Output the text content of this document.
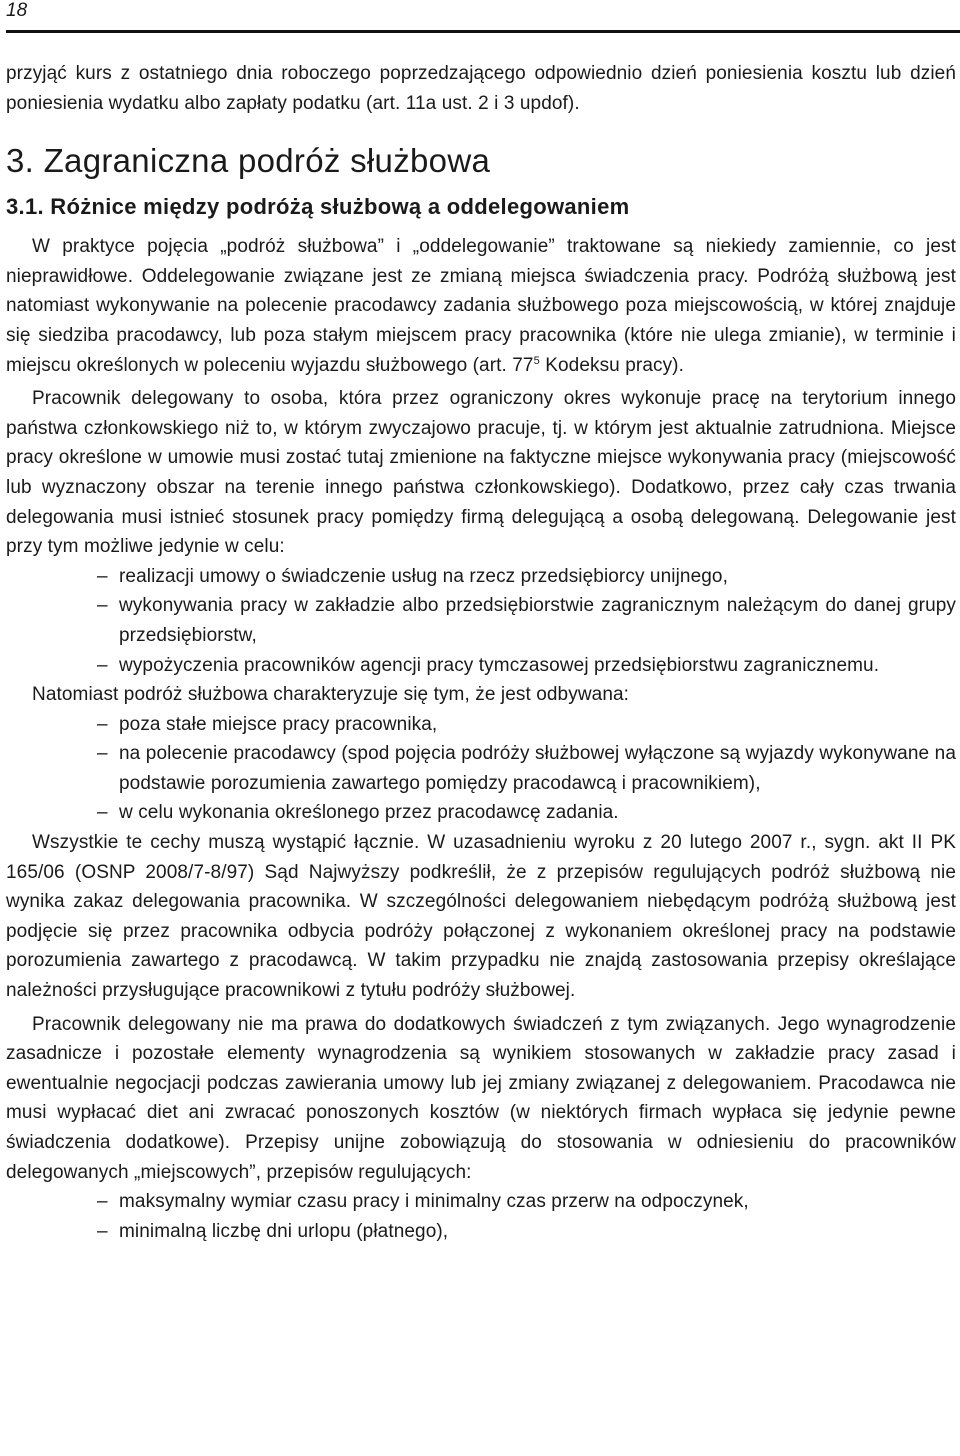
18

przyjąć kurs z ostatniego dnia roboczego poprzedzającego odpowiednio dzień poniesienia kosztu lub dzień poniesienia wydatku albo zapłaty podatku (art. 11a ust. 2 i 3 updof).

3. Zagraniczna podróż służbowa
3.1. Różnice między podróżą służbową a oddelegowaniem

W praktyce pojęcia „podróż służbowa” i „oddelegowanie” traktowane są niekiedy zamiennie, co jest nieprawidłowe. Oddelegowanie związane jest ze zmianą miejsca świadczenia pracy. Podróżą służbową jest natomiast wykonywanie na polecenie pracodawcy zadania służbowego poza miejscowością, w której znajduje się siedziba pracodawcy, lub poza stałym miejscem pracy pracownika (które nie ulega zmianie), w terminie i miejscu określonych w poleceniu wyjazdu służbowego (art. $77^5$ Kodeksu pracy).

Pracownik delegowany to osoba, która przez ograniczony okres wykonuje pracę na terytorium innego państwa członkowskiego niż to, w którym zwyczajowo pracuje, tj. w którym jest aktualnie zatrudniona. Miejsce pracy określone w umowie musi zostać tutaj zmienione na faktyczne miejsce wykonywania pracy (miejscowość lub wyznaczony obszar na terenie innego państwa członkowskiego). Dodatkowo, przez cały czas trwania delegowania musi istnieć stosunek pracy pomiędzy firmą delegującą a osobą delegowaną. Delegowanie jest przy tym możliwe jedynie w celu:

–
realizacji umowy o świadczenie usług na rzecz przedsiębiorcy unijnego,
–
wykonywania pracy w zakładzie albo przedsiębiorstwie zagranicznym należącym do danej grupy przedsiębiorstw,
–
wypożyczenia pracowników agencji pracy tymczasowej przedsiębiorstwu zagranicznemu.

Natomiast podróż służbowa charakteryzuje się tym, że jest odbywana:

–
poza stałe miejsce pracy pracownika,
–
na polecenie pracodawcy (spod pojęcia podróży służbowej wyłączone są wyjazdy wykonywane na podstawie porozumienia zawartego pomiędzy pracodawcą i pracownikiem),
–
w celu wykonania określonego przez pracodawcę zadania.

Wszystkie te cechy muszą wystąpić łącznie. W uzasadnieniu wyroku z 20 lutego 2007 r., sygn. akt II PK 165/06 (OSNP 2008/7-8/97) Sąd Najwyższy podkreślił, że z przepisów regulujących podróż służbową nie wynika zakaz delegowania pracownika. W szczególności delegowaniem niebędącym podróżą służbową jest podjęcie się przez pracownika odbycia podróży połączonej z wykonaniem określonej pracy na podstawie porozumienia zawartego z pracodawcą. W takim przypadku nie znajdą zastosowania przepisy określające należności przysługujące pracownikowi z tytułu podróży służbowej.

Pracownik delegowany nie ma prawa do dodatkowych świadczeń z tym związanych. Jego wynagrodzenie zasadnicze i pozostałe elementy wynagrodzenia są wynikiem stosowanych w zakładzie pracy zasad i ewentualnie negocjacji podczas zawierania umowy lub jej zmiany związanej z delegowaniem. Pracodawca nie musi wypłacać diet ani zwracać ponoszonych kosztów (w niektórych firmach wypłaca się jedynie pewne świadczenia dodatkowe). Przepisy unijne zobowiązują do stosowania w odniesieniu do pracowników delegowanych „miejscowych”, przepisów regulujących:

–
maksymalny wymiar czasu pracy i minimalny czas przerw na odpoczynek,
–
minimalną liczbę dni urlopu (płatnego),
